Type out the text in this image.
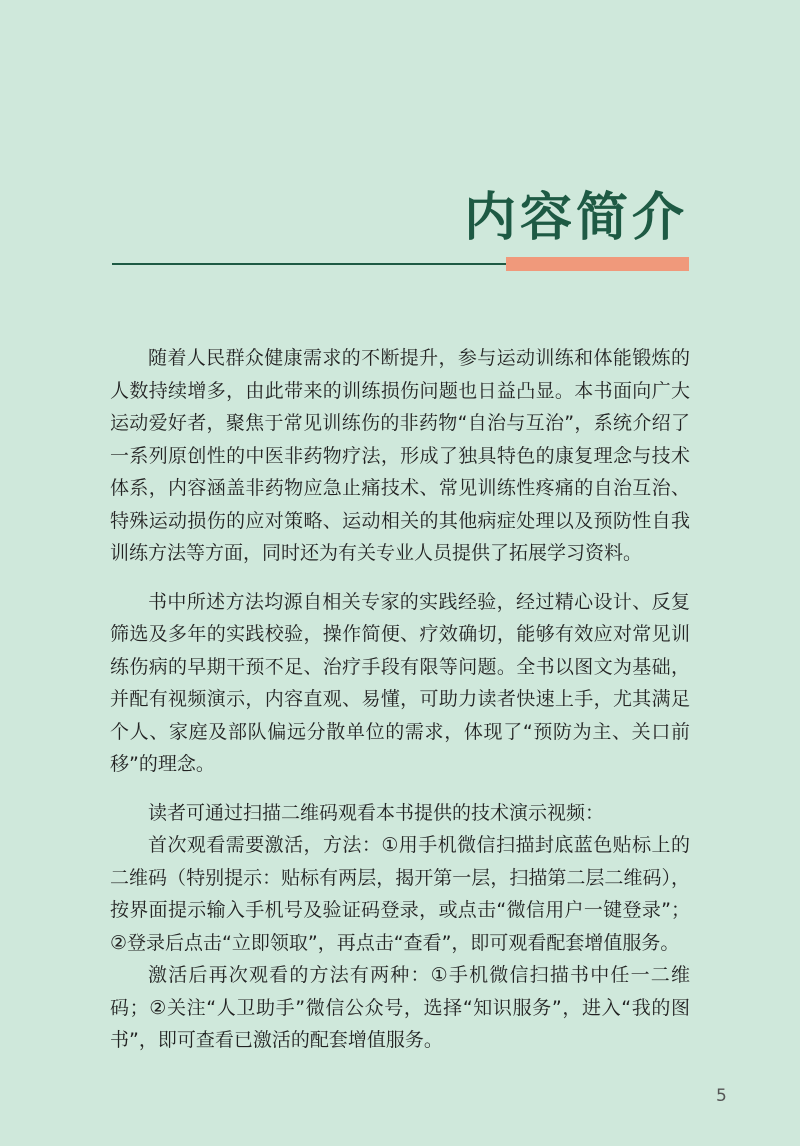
内容简介

随着人民群众健康需求的不断提升，参与运动训练和体能锻炼的人数持续增多，由此带来的训练损伤问题也日益凸显。本书面向广大运动爱好者，聚焦于常见训练伤的非药物“自治与互治”，系统介绍了一系列原创性的中医非药物疗法，形成了独具特色的康复理念与技术体系，内容涵盖非药物应急止痛技术、常见训练性疼痛的自治互治、特殊运动损伤的应对策略、运动相关的其他病症处理以及预防性自我训练方法等方面，同时还为有关专业人员提供了拓展学习资料。

书中所述方法均源自相关专家的实践经验，经过精心设计、反复筛选及多年的实践校验，操作简便、疗效确切，能够有效应对常见训练伤病的早期干预不足、治疗手段有限等问题。全书以图文为基础，并配有视频演示，内容直观、易懂，可助力读者快速上手，尤其满足个人、家庭及部队偏远分散单位的需求，体现了“预防为主、关口前移”的理念。

读者可通过扫描二维码观看本书提供的技术演示视频：

首次观看需要激活，方法：①用手机微信扫描封底蓝色贴标上的二维码（特别提示：贴标有两层，揭开第一层，扫描第二层二维码），按界面提示输入手机号及验证码登录，或点击“微信用户一键登录”；②登录后点击“立即领取”，再点击“查看”，即可观看配套增值服务。

激活后再次观看的方法有两种：①手机微信扫描书中任一二维码；②关注“人卫助手”微信公众号，选择“知识服务”，进入“我的图书”，即可查看已激活的配套增值服务。

5
